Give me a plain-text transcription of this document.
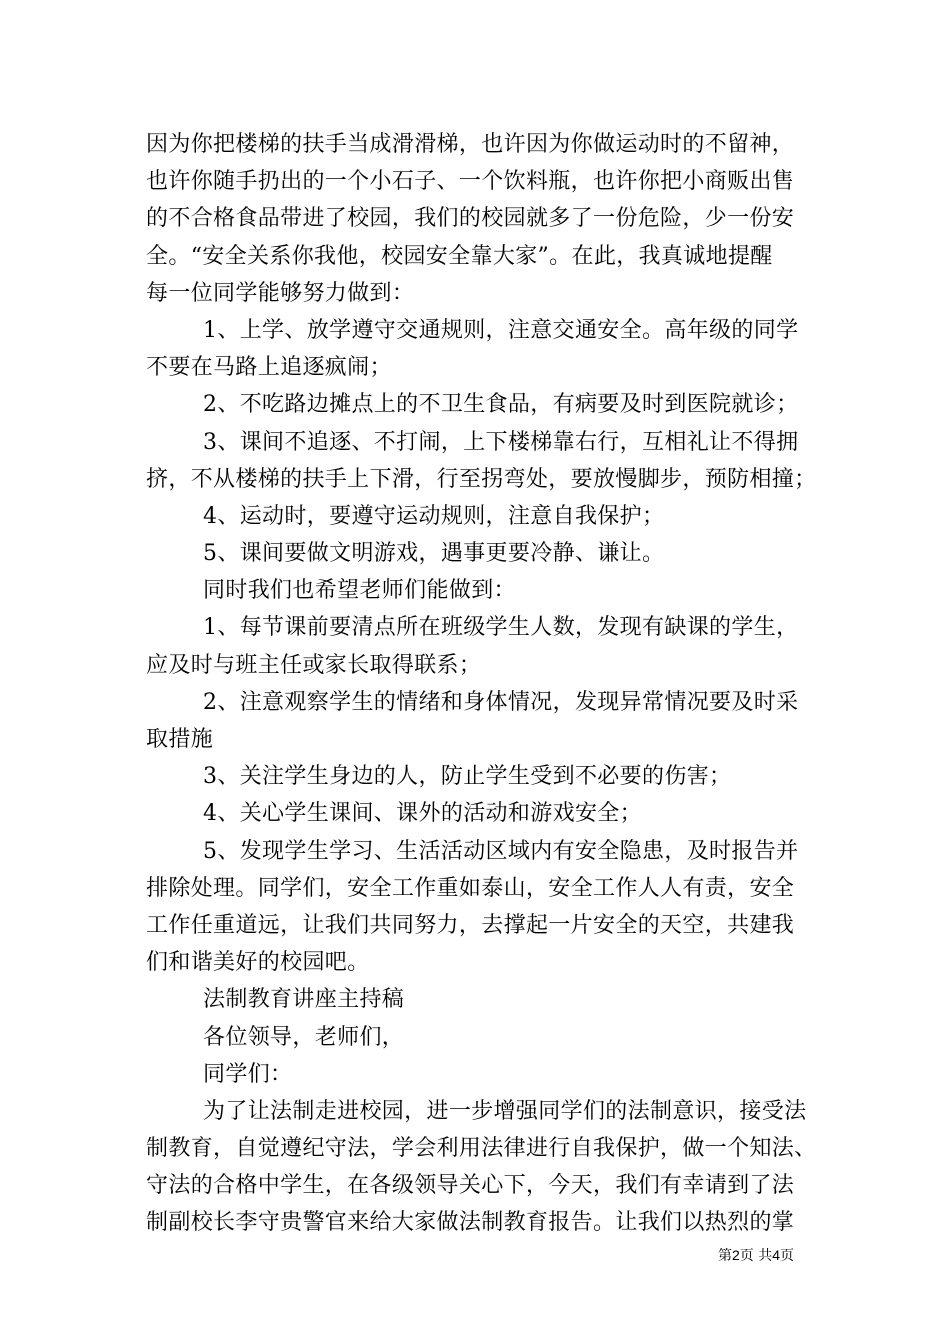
因为你把楼梯的扶手当成滑滑梯，也许因为你做运动时的不留神，
也许你随手扔出的一个小石子、一个饮料瓶，也许你把小商贩出售
的不合格食品带进了校园，我们的校园就多了一份危险，少一份安
全。“安全关系你我他，校园安全靠大家”。在此，我真诚地提醒
每一位同学能够努力做到：
1、上学、放学遵守交通规则，注意交通安全。高年级的同学
不要在马路上追逐疯闹；
2、不吃路边摊点上的不卫生食品，有病要及时到医院就诊；
3、课间不追逐、不打闹，上下楼梯靠右行，互相礼让不得拥
挤，不从楼梯的扶手上下滑，行至拐弯处，要放慢脚步，预防相撞；
4、运动时，要遵守运动规则，注意自我保护；
5、课间要做文明游戏，遇事更要冷静、谦让。
同时我们也希望老师们能做到：
1、每节课前要清点所在班级学生人数，发现有缺课的学生，
应及时与班主任或家长取得联系；
2、注意观察学生的情绪和身体情况，发现异常情况要及时采
取措施
3、关注学生身边的人，防止学生受到不必要的伤害；
4、关心学生课间、课外的活动和游戏安全；
5、发现学生学习、生活活动区域内有安全隐患，及时报告并
排除处理。同学们，安全工作重如泰山，安全工作人人有责，安全
工作任重道远，让我们共同努力，去撑起一片安全的天空，共建我
们和谐美好的校园吧。
法制教育讲座主持稿
各位领导，老师们，
同学们：
为了让法制走进校园，进一步增强同学们的法制意识，接受法
制教育，自觉遵纪守法，学会利用法律进行自我保护，做一个知法、
守法的合格中学生，在各级领导关心下，今天，我们有幸请到了法
制副校长李守贵警官来给大家做法制教育报告。让我们以热烈的掌
第2页 共4页
